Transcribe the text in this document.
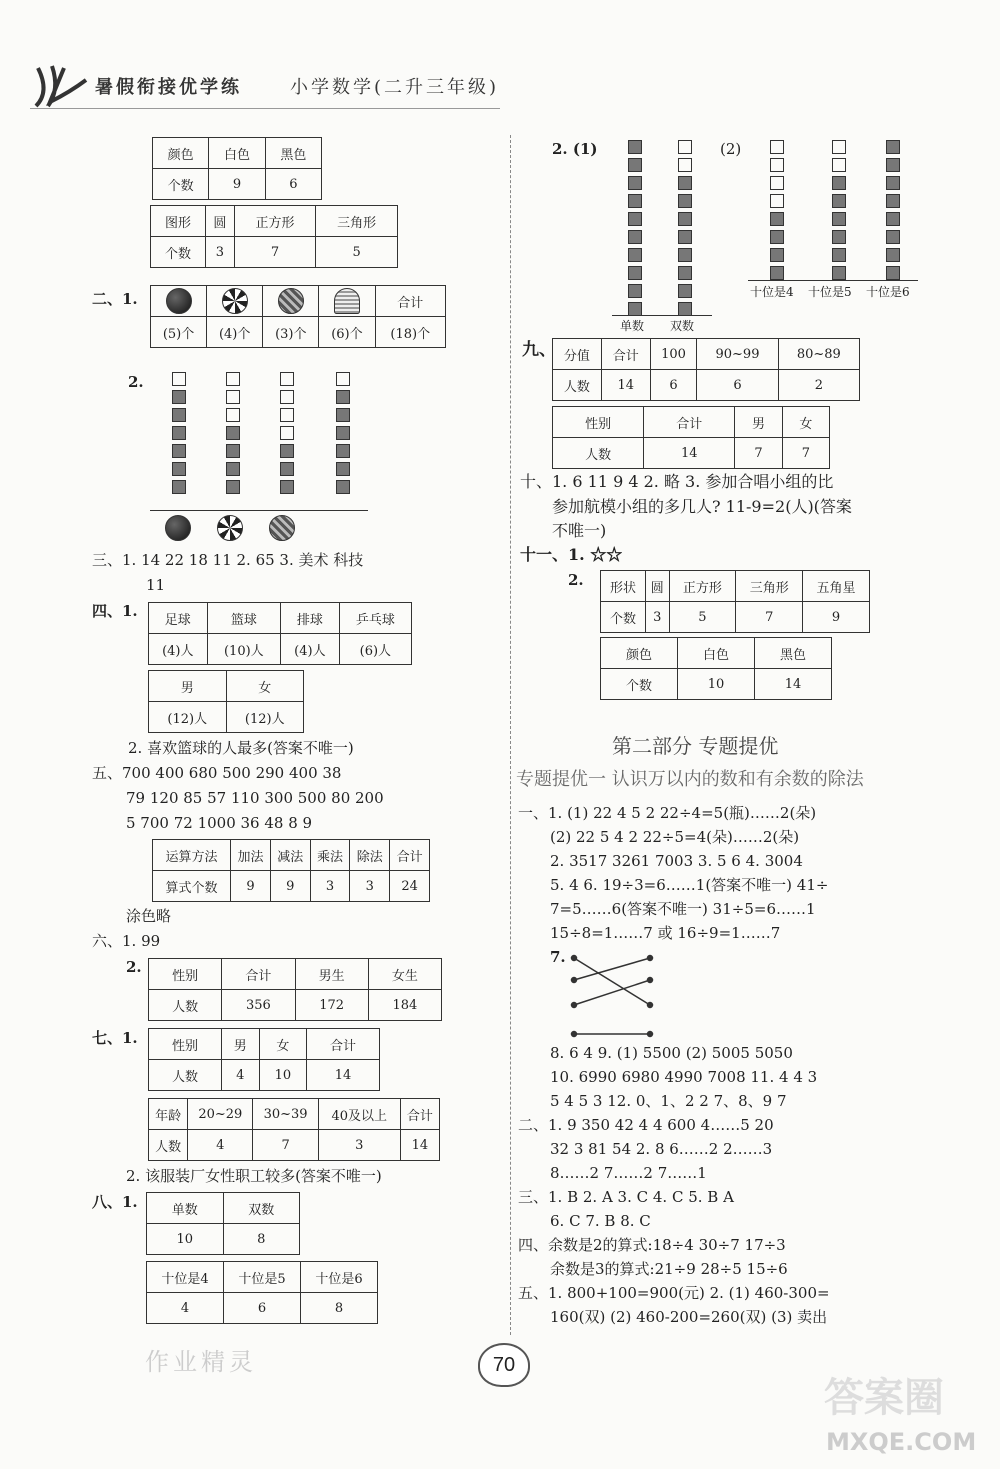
暑假衔接优学练	小学数学(二升三年级)
颜色	白色	黑色
个数	9	6
图形	圆	正方形	三角形
个数	3	7	5
二、1.
					合计
(5)个	(4)个	(3)个	(6)个	(18)个
2.
三、1. 14 22 18 11 2. 65 3. 美术 科技
11
四、1. 足球	篮球	排球	乒乓球
(4)人	(10)人	(4)人	(6)人
男	女
(12)人	(12)人
2. 喜欢篮球的人最多(答案不唯一)
五、700 400 680 500 290 400 38
79 120 85 57 110 300 500 80 200
5 700 72 1000 36 48 8 9
运算方法	加法	减法	乘法	除法	合计
算式个数	9	9	3	3	24
涂色略
六、1. 99
2. 性别	合计	男生	女生
人数	356	172	184
七、1.	性别	男	女	合计
人数	4	10	14
年龄	20~29	30~39	40及以上	合计
人数	4	7	3	14
2. 该服装厂女性职工较多(答案不唯一)
八、1.	单数	双数
10	8
十位是4	十位是5	十位是6
4	6	8
作业精灵
2. (1)
单数 双数
(2)
十位是4 十位是5 十位是6
九、 分值	合计	100	90~99	80~89
人数	14	6	6	2
性别	合计	男	女
人数	14	7	7
十、1. 6 11 9 4 2. 略 3. 参加合唱小组的比
参加航模小组的多几人? 11-9=2(人)(答案
不唯一)
十一、1. ☆☆
2. 形状	圆	正方形	三角形	五角星
个数	3	5	7	9
颜色	白色	黑色
个数	10	14
第二部分 专题提优
专题提优一 认识万以内的数和有余数的除法
一、1. (1) 22 4 5 2 22÷4=5(瓶)……2(朵)
(2) 22 5 4 2 22÷5=4(朵)……2(朵)
2. 3517 3261 7003 3. 5 6 4. 3004
5. 4 6. 19÷3=6……1(答案不唯一) 41÷
7=5……6(答案不唯一) 31÷5=6……1
15÷8=1……7 或 16÷9=1……7
7.
8. 6 4 9. (1) 5500 (2) 5005 5050
10. 6990 6980 4990 7008 11. 4 4 3
5 4 5 3 12. 0、1、2 2 7、8、9 7
二、1. 9 350 42 4 4 600 4……5 20
32 3 81 54 2. 8 6……2 2……3
8……2 7……2 7……1
三、1. B 2. A 3. C 4. C 5. B A
6. C 7. B 8. C
四、余数是2的算式:18÷4 30÷7 17÷3
余数是3的算式:21÷9 28÷5 15÷6
五、1. 800+100=900(元) 2. (1) 460-300=
160(双) (2) 460-200=260(双) (3) 卖出
70
答案圈
MXQE.COM
